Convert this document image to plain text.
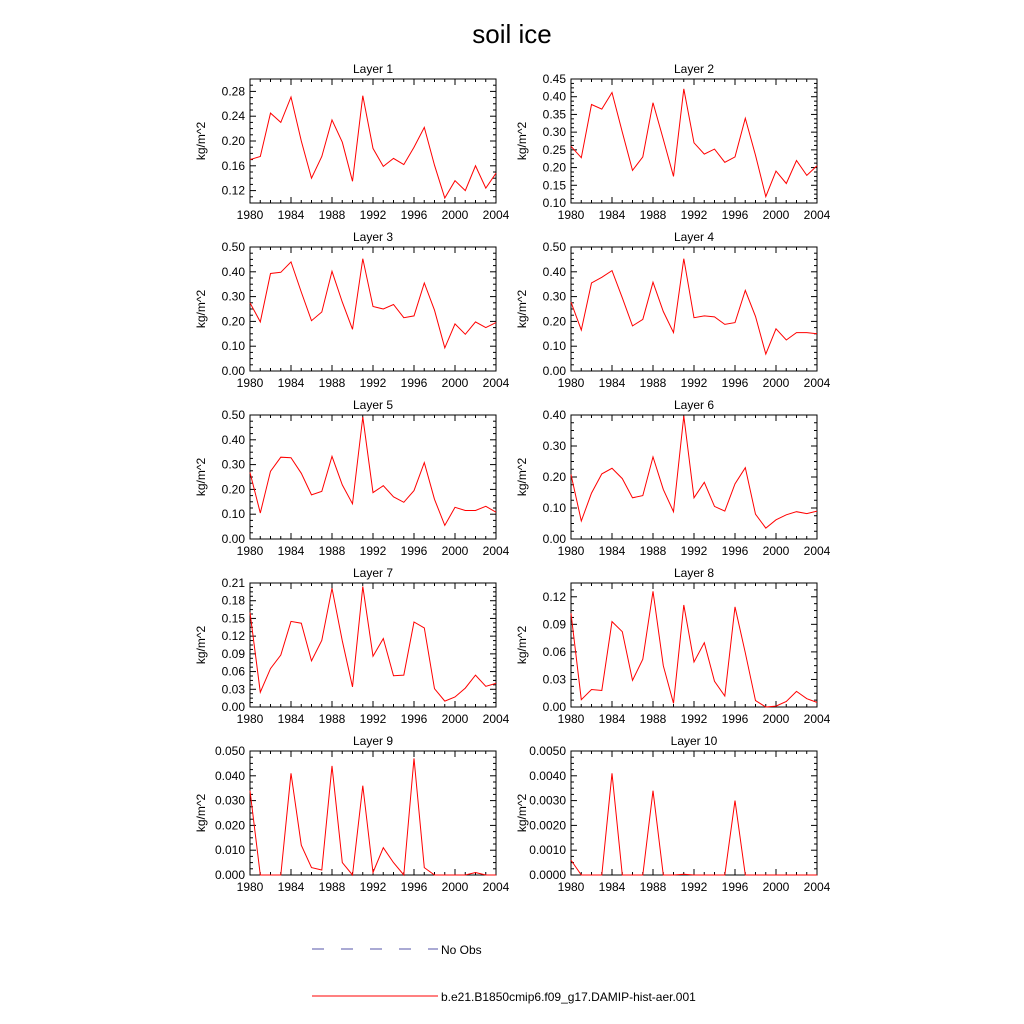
soil ice
Layer 1
kg/m^2
1980 1984 1988 1992 1996 2000 2004
0.12
0.16
0.20
0.24
0.28
Layer 2
kg/m^2
1980 1984 1988 1992 1996 2000 2004
0.10
0.15
0.20
0.25
0.30
0.35
0.40
0.45
Layer 3
kg/m^2
1980 1984 1988 1992 1996 2000 2004
0.00
0.10
0.20
0.30
0.40
0.50
Layer 4
kg/m^2
1980 1984 1988 1992 1996 2000 2004
0.00
0.10
0.20
0.30
0.40
0.50
Layer 5
kg/m^2
1980 1984 1988 1992 1996 2000 2004
0.00
0.10
0.20
0.30
0.40
0.50
Layer 6
kg/m^2
1980 1984 1988 1992 1996 2000 2004
0.00
0.10
0.20
0.30
0.40
Layer 7
kg/m^2
1980 1984 1988 1992 1996 2000 2004
0.00
0.03
0.06
0.09
0.12
0.15
0.18
0.21
Layer 8
kg/m^2
1980 1984 1988 1992 1996 2000 2004
0.00
0.03
0.06
0.09
0.12
Layer 9
kg/m^2
1980 1984 1988 1992 1996 2000 2004
0.000
0.010
0.020
0.030
0.040
0.050
Layer 10
kg/m^2
1980 1984 1988 1992 1996 2000 2004
0.0000
0.0010
0.0020
0.0030
0.0040
0.0050
No Obs
b.e21.B1850cmip6.f09_g17.DAMIP-hist-aer.001
